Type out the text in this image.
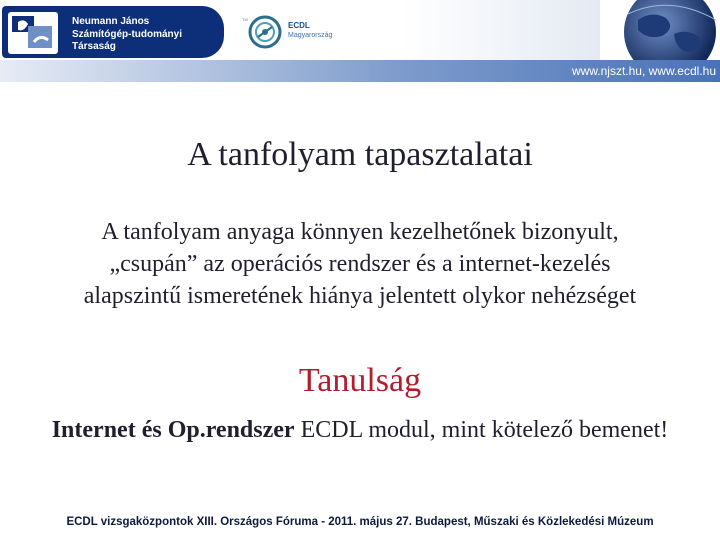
Neumann János
Számítógép-tudományi
Társaság
TM
ECDL
Magyarország
www.njszt.hu, www.ecdl.hu
A tanfolyam tapasztalatai
A tanfolyam anyaga könnyen kezelhetőnek bizonyult, „csupán” az operációs rendszer és a internet-kezelés alapszintű ismeretének hiánya jelentett olykor nehézséget
Tanulság
Internet és Op.rendszer ECDL modul, mint kötelező bemenet!
ECDL vizsgaközpontok XIII. Országos Fóruma - 2011. május 27. Budapest, Műszaki és Közlekedési Múzeum
